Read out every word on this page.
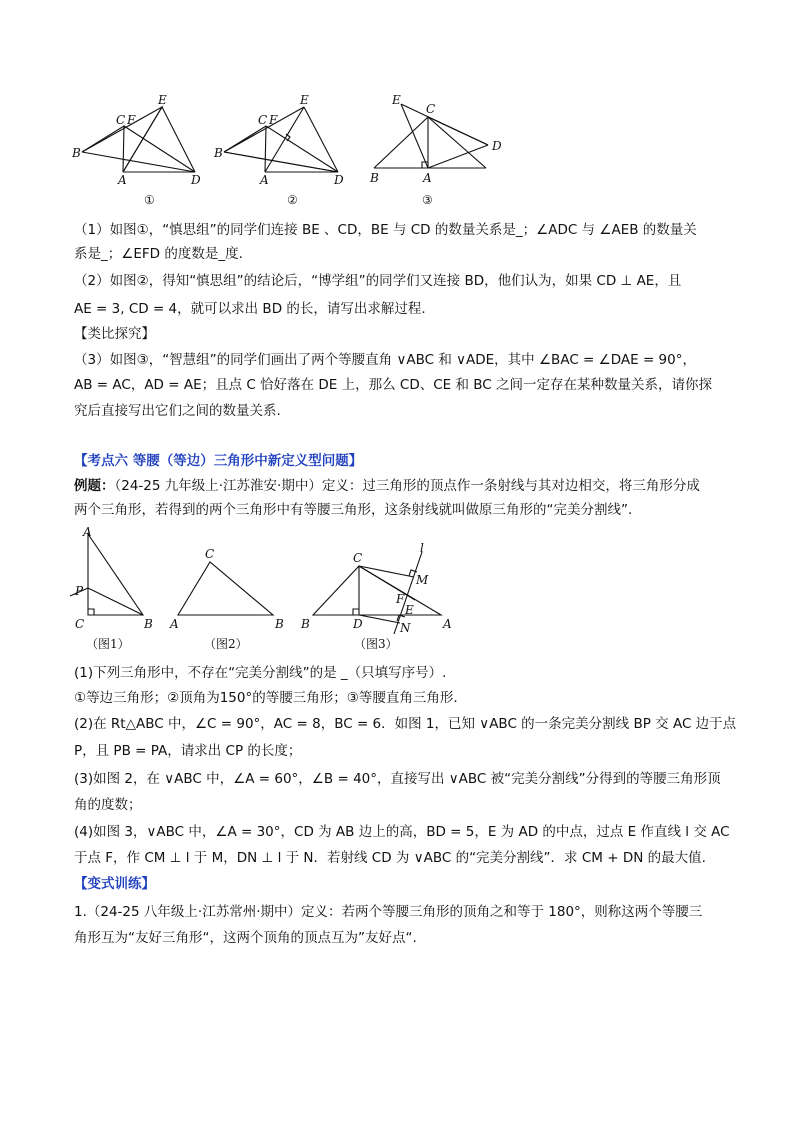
B
C F
E
A	D
①
B
C F
E
A	D
②
E
C
D
B	A
③
（1）如图①，“慎思组”的同学们连接 BE 、CD，BE 与 CD 的数量关系是_；∠ADC 与 ∠AEB 的数量关
系是_；∠EFD 的度数是_度.
（2）如图②，得知“慎思组”的结论后，“博学组”的同学们又连接 BD，他们认为，如果 CD ⊥ AE，且
AE = 3, CD = 4，就可以求出 BD 的长，请写出求解过程.
【类比探究】
（3）如图③，“智慧组”的同学们画出了两个等腰直角 ∨ABC 和 ∨ADE，其中 ∠BAC = ∠DAE = 90°，
AB = AC，AD = AE；且点 C 恰好落在 DE 上，那么 CD、CE 和 BC 之间一定存在某种数量关系，请你探
究后直接写出它们之间的数量关系.
【考点六 等腰（等边）三角形中新定义型问题】
例题：（24-25 九年级上·江苏淮安·期中）定义：过三角形的顶点作一条射线与其对边相交，将三角形分成
两个三角形，若得到的两个三角形中有等腰三角形，这条射线就叫做原三角形的“完美分割线”.
A
P
C	B
（图1）
C
A	B
（图2）
C
l
M
F
E
N
B	D	A
（图3）
(1)下列三角形中，不存在“完美分割线”的是 _（只填写序号）.
①等边三角形；②顶角为150°的等腰三角形；③等腰直角三角形.
(2)在 Rt△ABC 中，∠C = 90°，AC = 8，BC = 6．如图 1，已知 ∨ABC 的一条完美分割线 BP 交 AC 边于点
P，且 PB = PA，请求出 CP 的长度；
(3)如图 2，在 ∨ABC 中，∠A = 60°，∠B = 40°，直接写出 ∨ABC 被“完美分割线”分得到的等腰三角形顶
角的度数；
(4)如图 3，∨ABC 中，∠A = 30°，CD 为 AB 边上的高，BD = 5，E 为 AD 的中点，过点 E 作直线 l 交 AC
于点 F，作 CM ⊥ l 于 M，DN ⊥ l 于 N．若射线 CD 为 ∨ABC 的“完美分割线”．求 CM + DN 的最大值.
【变式训练】
1.（24-25 八年级上·江苏常州·期中）定义：若两个等腰三角形的顶角之和等于 180°，则称这两个等腰三
角形互为“友好三角形“，这两个顶角的顶点互为”友好点“.
